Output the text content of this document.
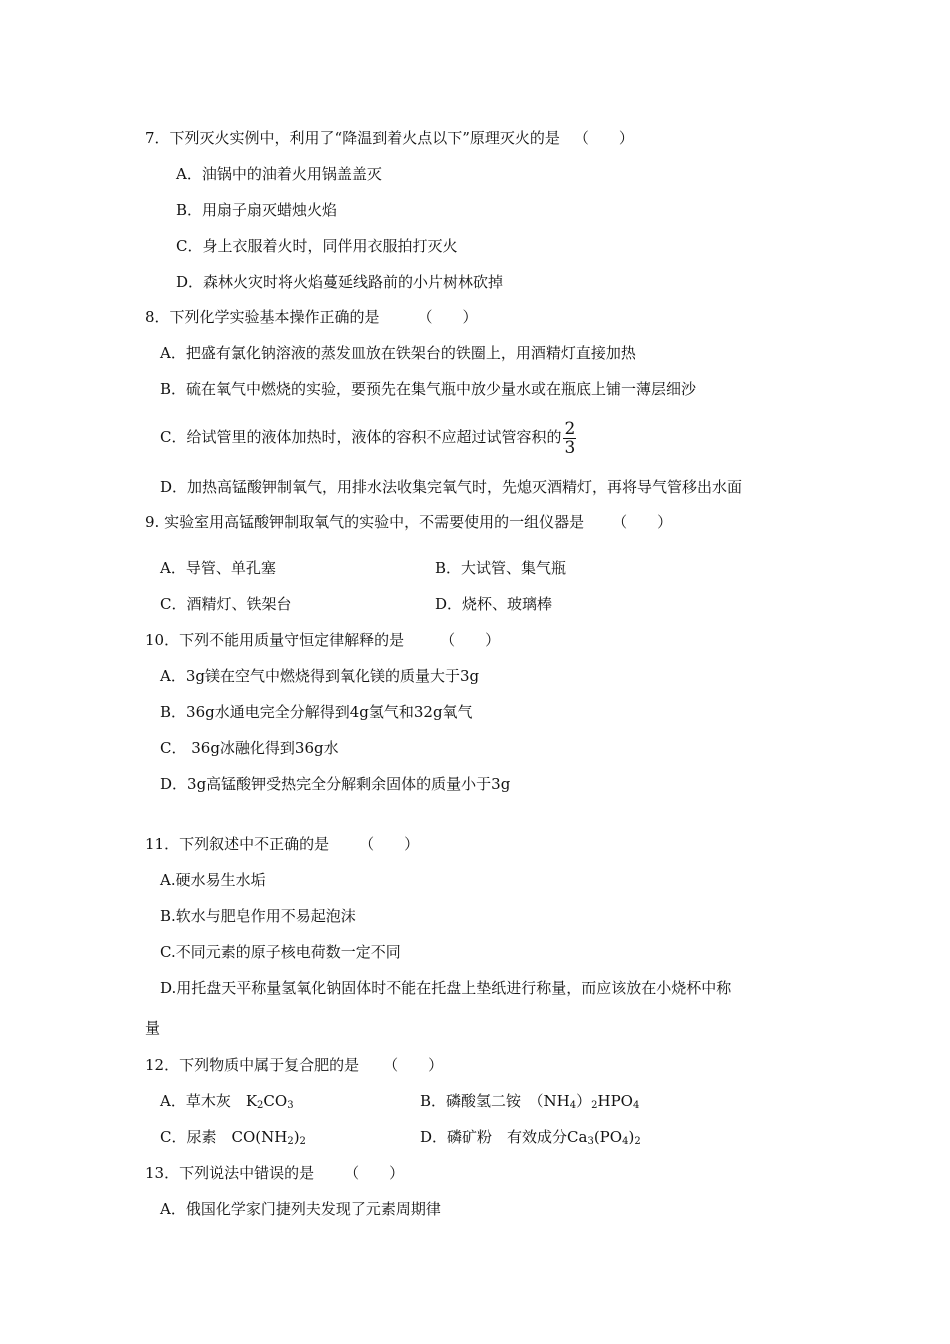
7．下列灭火实例中，利用了“降温到着火点以下”原理灭火的是 （　　）
A．油锅中的油着火用锅盖盖灭
B．用扇子扇灭蜡烛火焰
C．身上衣服着火时，同伴用衣服拍打灭火
D．森林火灾时将火焰蔓延线路前的小片树林砍掉
8．下列化学实验基本操作正确的是	（　　）
A．把盛有氯化钠溶液的蒸发皿放在铁架台的铁圈上，用酒精灯直接加热
B．硫在氧气中燃烧的实验，要预先在集气瓶中放少量水或在瓶底上铺一薄层细沙
C．给试管里的液体加热时，液体的容积不应超过试管容积的 $\frac{2}{3}$
D．加热高锰酸钾制氧气，用排水法收集完氧气时，先熄灭酒精灯，再将导气管移出水面
9. 实验室用高锰酸钾制取氧气的实验中，不需要使用的一组仪器是 （　　）
A．导管、单孔塞	B．大试管、集气瓶
C．酒精灯、铁架台	D．烧杯、玻璃棒
10．下列不能用质量守恒定律解释的是 （　　）
A．3g镁在空气中燃烧得到氧化镁的质量大于3g
B．36g水通电完全分解得到4g氢气和32g氧气
C． 36g冰融化得到36g水
D．3g高锰酸钾受热完全分解剩余固体的质量小于3g
11．下列叙述中不正确的是 （　　）
A.硬水易生水垢
B.软水与肥皂作用不易起泡沫
C.不同元素的原子核电荷数一定不同
D.用托盘天平称量氢氧化钠固体时不能在托盘上垫纸进行称量，而应该放在小烧杯中称
量
12．下列物质中属于复合肥的是 （　　）
A．草木灰　$K_2CO_3$	B．磷酸氢二铵　$(NH_4)_2HPO_4$
C．尿素　$CO(NH_2)_2$	D．磷矿粉　有效成分$Ca_3(PO_4)_2$
13．下列说法中错误的是 （　　）
A．俄国化学家门捷列夫发现了元素周期律
